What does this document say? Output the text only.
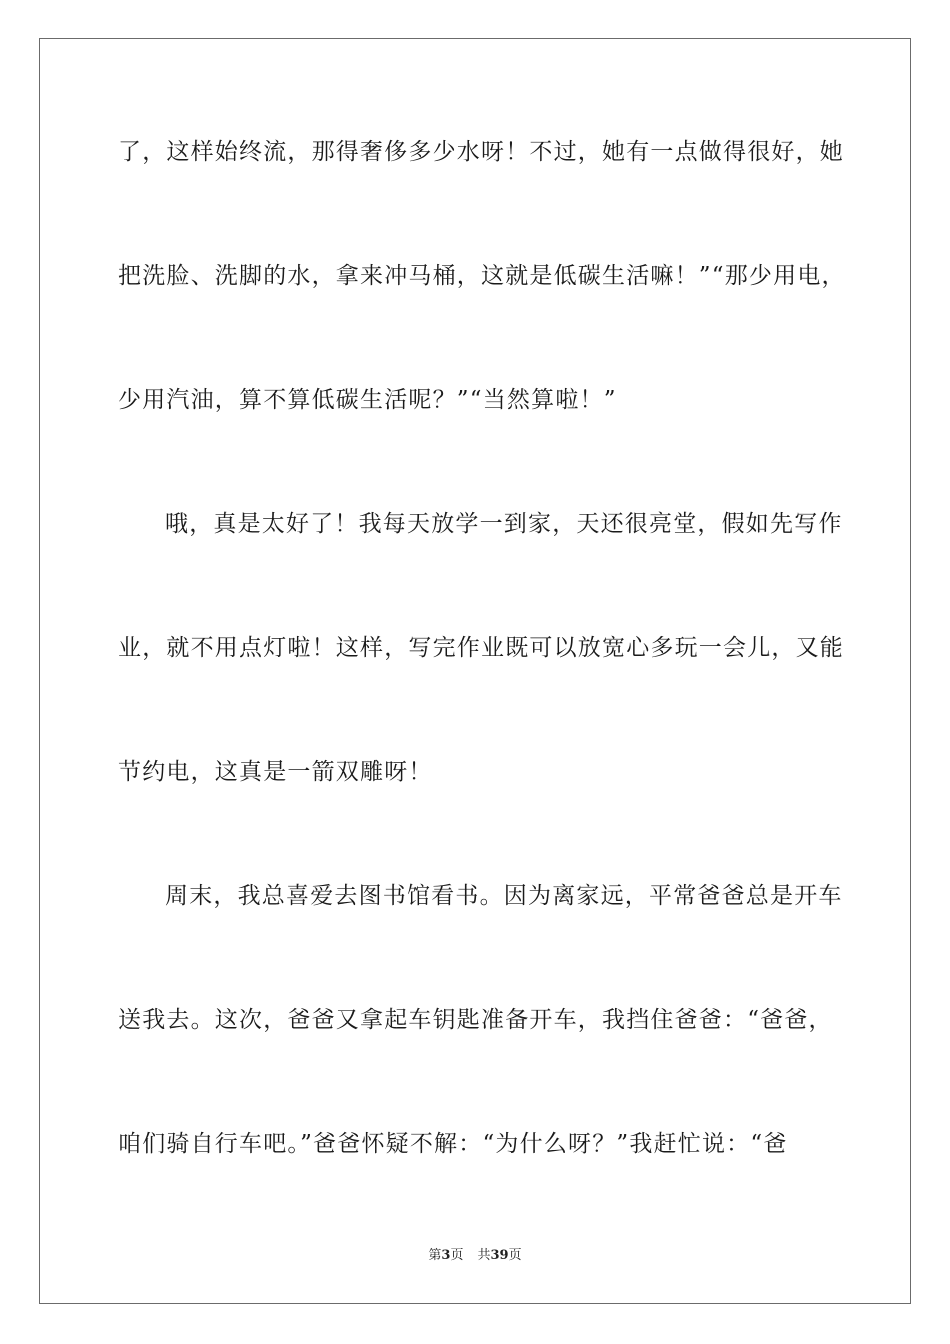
了，这样始终流，那得奢侈多少水呀！不过，她有一点做得很好，她
把洗脸、洗脚的水，拿来冲马桶，这就是低碳生活嘛！”“那少用电，
少用汽油，算不算低碳生活呢？”“当然算啦！”
哦，真是太好了！我每天放学一到家，天还很亮堂，假如先写作
业，就不用点灯啦！这样，写完作业既可以放宽心多玩一会儿，又能
节约电，这真是一箭双雕呀！
周末，我总喜爱去图书馆看书。因为离家远，平常爸爸总是开车
送我去。这次，爸爸又拿起车钥匙准备开车，我挡住爸爸：“爸爸，
咱们骑自行车吧。”爸爸怀疑不解：“为什么呀？”我赶忙说：“爸
第3页 共39页
